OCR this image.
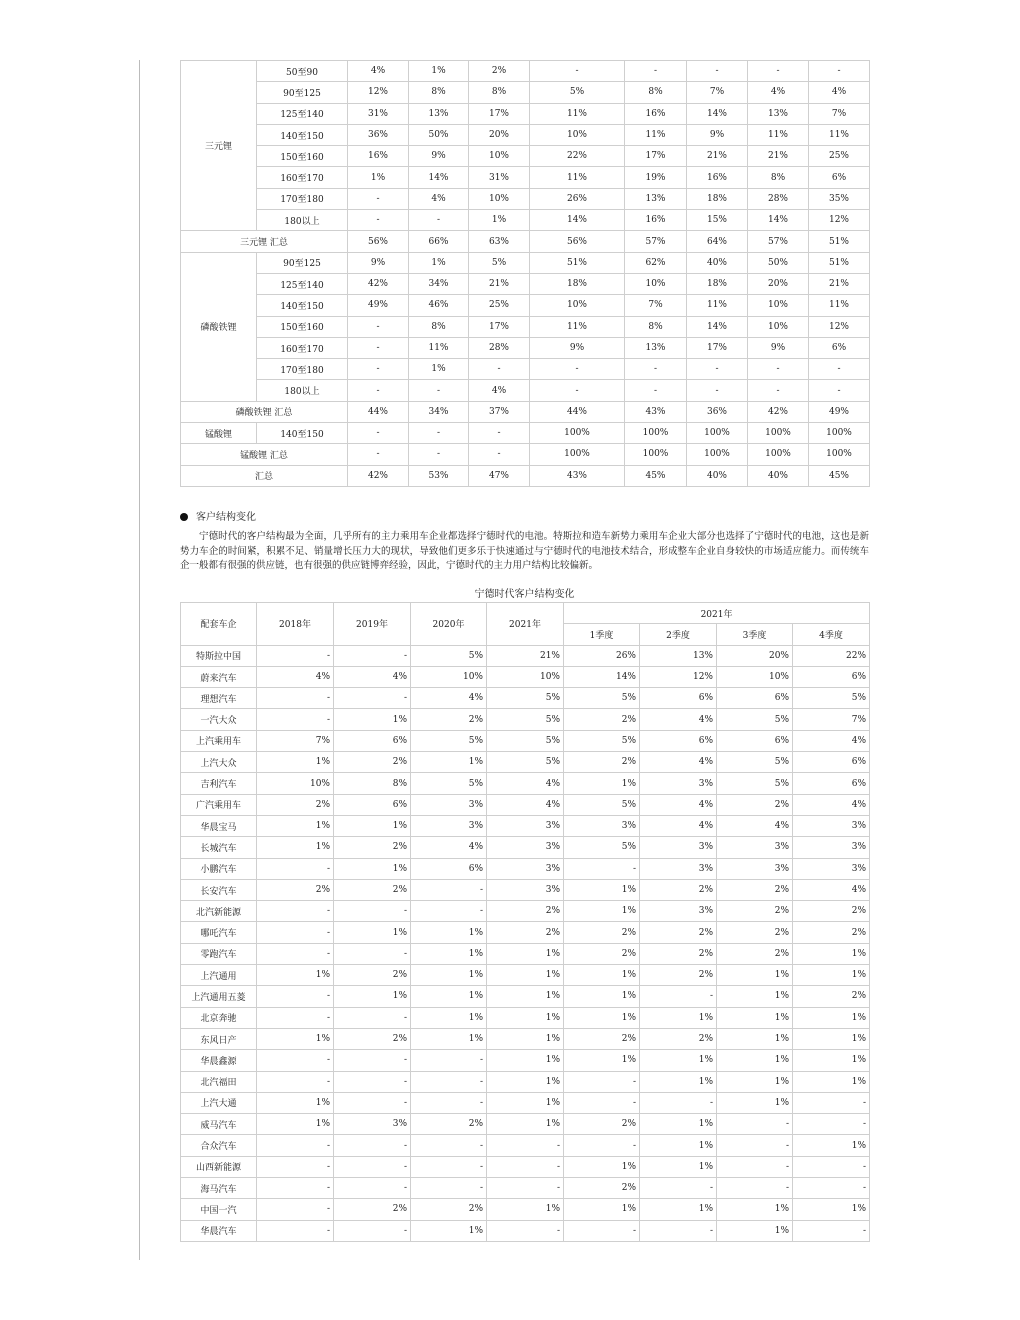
三元锂	50至90	4%	1%	2%	-	-	-	-	-
	90至125	12%	8%	8%	5%	8%	7%	4%	4%
	125至140	31%	13%	17%	11%	16%	14%	13%	7%
	140至150	36%	50%	20%	10%	11%	9%	11%	11%
	150至160	16%	9%	10%	22%	17%	21%	21%	25%
	160至170	1%	14%	31%	11%	19%	16%	8%	6%
	170至180	-	4%	10%	26%	13%	18%	28%	35%
	180以上	-	-	1%	14%	16%	15%	14%	12%
三元锂 汇总		56%	66%	63%	56%	57%	64%	57%	51%
磷酸铁锂	90至125	9%	1%	5%	51%	62%	40%	50%	51%
	125至140	42%	34%	21%	18%	10%	18%	20%	21%
	140至150	49%	46%	25%	10%	7%	11%	10%	11%
	150至160	-	8%	17%	11%	8%	14%	10%	12%
	160至170	-	11%	28%	9%	13%	17%	9%	6%
	170至180	-	1%	-	-	-	-	-	-
	180以上	-	-	4%	-	-	-	-	-
磷酸铁锂 汇总		44%	34%	37%	44%	43%	36%	42%	49%
锰酸锂	140至150	-	-	-	100%	100%	100%	100%	100%
锰酸锂 汇总		-	-	-	100%	100%	100%	100%	100%
汇总		42%	53%	47%	43%	45%	40%	40%	45%
客户结构变化

宁德时代的客户结构最为全面，几乎所有的主力乘用车企业都选择宁德时代的电池。特斯拉和造车新势力乘用车企业大部分也选择了宁德时代的电池，这也是新势力车企的时间紧，积累不足、销量增长压力大的现状，导致他们更多乐于快速通过与宁德时代的电池技术结合，形成整车企业自身较快的市场适应能力。而传统车企一般都有很强的供应链，也有很强的供应链博弈经验，因此，宁德时代的主力用户结构比较偏新。

宁德时代客户结构变化
配套车企	2018年	2019年	2020年	2021年	2021年			
					1季度	2季度	3季度	4季度
特斯拉中国	-	-	5%	21%	26%	13%	20%	22%
蔚来汽车	4%	4%	10%	10%	14%	12%	10%	6%
理想汽车	-	-	4%	5%	5%	6%	6%	5%
一汽大众	-	1%	2%	5%	2%	4%	5%	7%
上汽乘用车	7%	6%	5%	5%	5%	6%	6%	4%
上汽大众	1%	2%	1%	5%	2%	4%	5%	6%
吉利汽车	10%	8%	5%	4%	1%	3%	5%	6%
广汽乘用车	2%	6%	3%	4%	5%	4%	2%	4%
华晨宝马	1%	1%	3%	3%	3%	4%	4%	3%
长城汽车	1%	2%	4%	3%	5%	3%	3%	3%
小鹏汽车	-	1%	6%	3%	-	3%	3%	3%
长安汽车	2%	2%	-	3%	1%	2%	2%	4%
北汽新能源	-	-	-	2%	1%	3%	2%	2%
哪吒汽车	-	1%	1%	2%	2%	2%	2%	2%
零跑汽车	-	-	1%	1%	2%	2%	2%	1%
上汽通用	1%	2%	1%	1%	1%	2%	1%	1%
上汽通用五菱	-	1%	1%	1%	1%	-	1%	2%
北京奔驰	-	-	1%	1%	1%	1%	1%	1%
东风日产	1%	2%	1%	1%	2%	2%	1%	1%
华晨鑫源	-	-	-	1%	1%	1%	1%	1%
北汽福田	-	-	-	1%	-	1%	1%	1%
上汽大通	1%	-	-	1%	-	-	1%	-
威马汽车	1%	3%	2%	1%	2%	1%	-	-
合众汽车	-	-	-	-	-	1%	-	1%
山西新能源	-	-	-	-	1%	1%	-	-
海马汽车	-	-	-	-	2%	-	-	-
中国一汽	-	2%	2%	1%	1%	1%	1%	1%
华晨汽车	-	-	1%	-	-	-	1%	-
